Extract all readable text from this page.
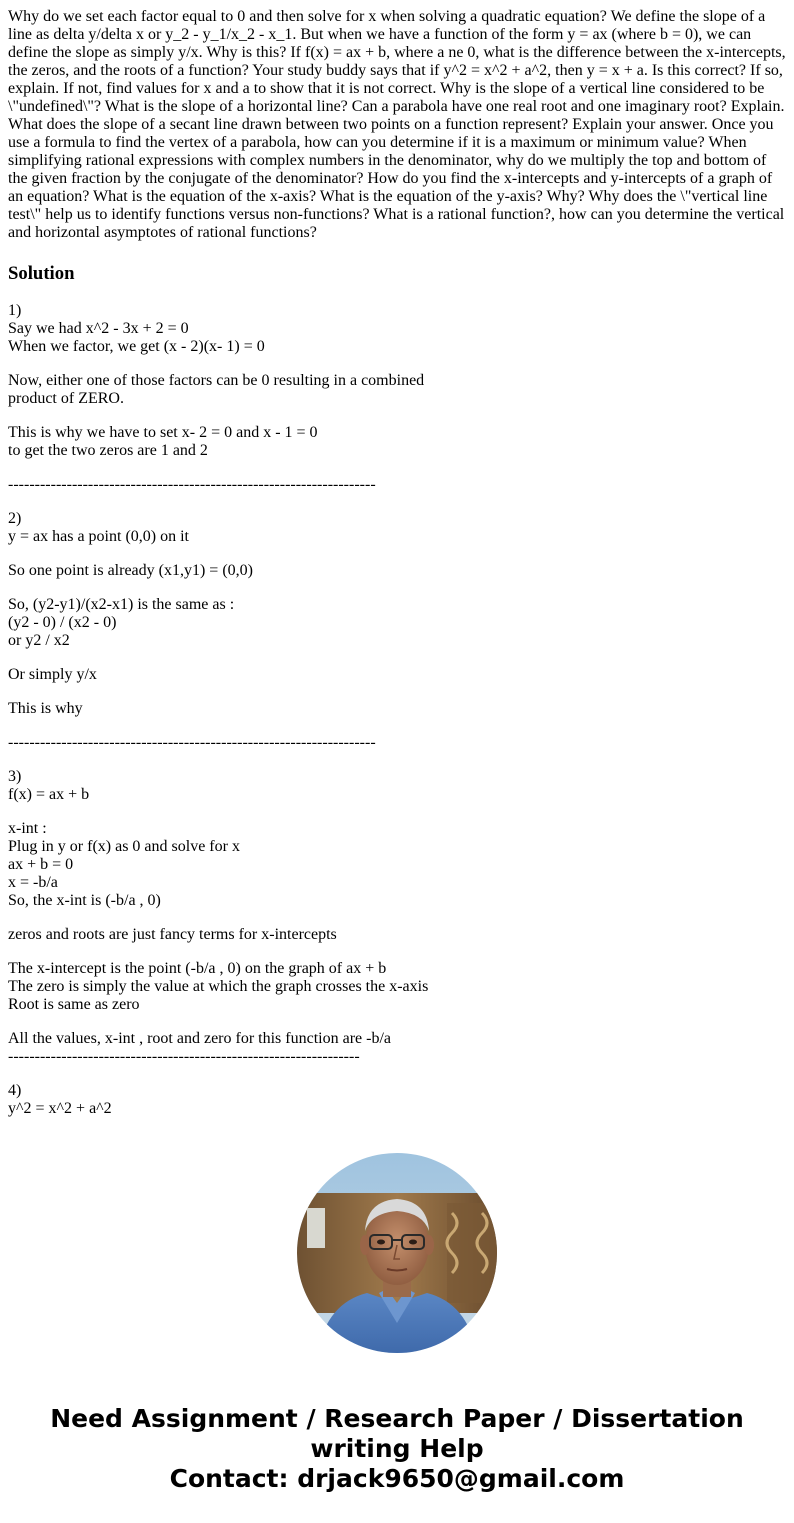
Why do we set each factor equal to 0 and then solve for x when solving a quadratic equation? We define the slope of a line as delta y/delta x or y_2 - y_1/x_2 - x_1. But when we have a function of the form y = ax (where b = 0), we can define the slope as simply y/x. Why is this? If f(x) = ax + b, where a ne 0, what is the difference between the x-intercepts, the zeros, and the roots of a function? Your study buddy says that if y^2 = x^2 + a^2, then y = x + a. Is this correct? If so, explain. If not, find values for x and a to show that it is not correct. Why is the slope of a vertical line considered to be \"undefined\"? What is the slope of a horizontal line? Can a parabola have one real root and one imaginary root? Explain. What does the slope of a secant line drawn between two points on a function represent? Explain your answer. Once you use a formula to find the vertex of a parabola, how can you determine if it is a maximum or minimum value? When simplifying rational expressions with complex numbers in the denominator, why do we multiply the top and bottom of the given fraction by the conjugate of the denominator? How do you find the x-intercepts and y-intercepts of a graph of an equation? What is the equation of the x-axis? What is the equation of the y-axis? Why? Why does the \"vertical line test\" help us to identify functions versus non-functions? What is a rational function?, how can you determine the vertical and horizontal asymptotes of rational functions?

Solution
1)
Say we had x^2 - 3x + 2 = 0
When we factor, we get (x - 2)(x- 1) = 0
Now, either one of those factors can be 0 resulting in a combined
product of ZERO.
This is why we have to set x- 2 = 0 and x - 1 = 0
to get the two zeros are 1 and 2
---------------------------------------------------------------------
2)
y = ax has a point (0,0) on it
So one point is already (x1,y1) = (0,0)
So, (y2-y1)/(x2-x1) is the same as :
(y2 - 0) / (x2 - 0)
or y2 / x2
Or simply y/x
This is why
---------------------------------------------------------------------
3)
f(x) = ax + b
x-int :
Plug in y or f(x) as 0 and solve for x
ax + b = 0
x = -b/a
So, the x-int is (-b/a , 0)
zeros and roots are just fancy terms for x-intercepts
The x-intercept is the point (-b/a , 0) on the graph of ax + b
The zero is simply the value at which the graph crosses the x-axis
Root is same as zero
All the values, x-int , root and zero for this function are -b/a
------------------------------------------------------------------
4)
y^2 = x^2 + a^2
Need Assignment / Research Paper / Dissertation
writing Help
Contact: drjack9650@gmail.com
